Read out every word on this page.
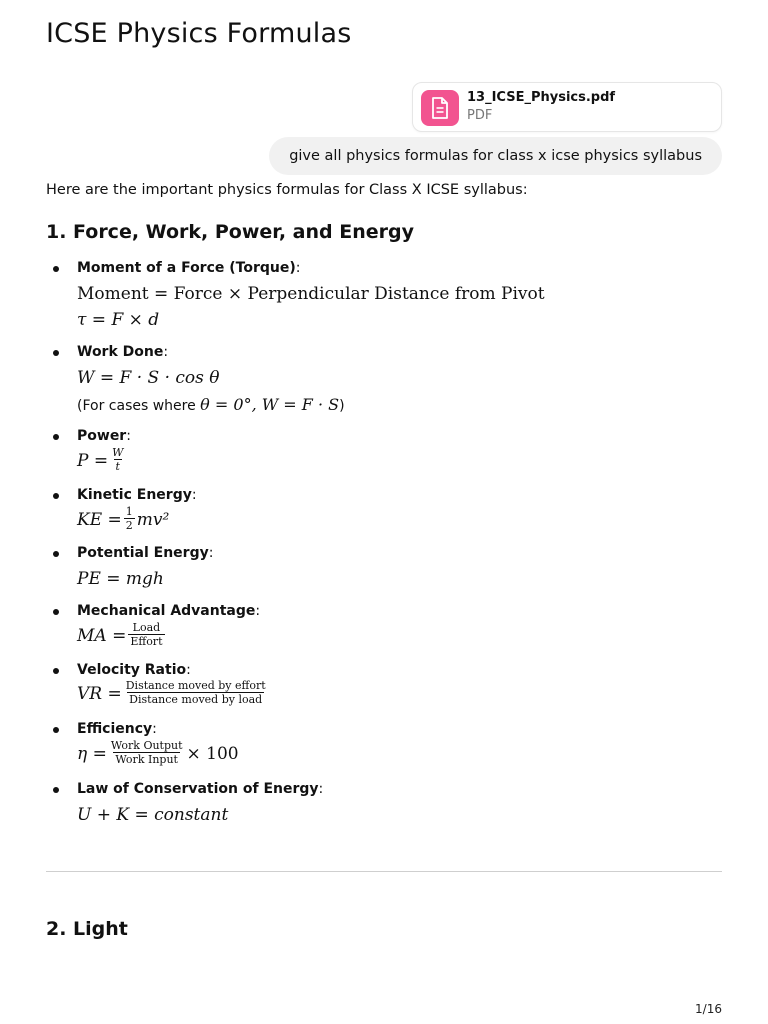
ICSE Physics Formulas
13_ICSE_Physics.pdf
PDF
give all physics formulas for class x icse physics syllabus

Here are the important physics formulas for Class X ICSE syllabus:

1. Force, Work, Power, and Energy
Moment of a Force (Torque):
Moment = Force × Perpendicular Distance from Pivot
τ = F × d
Work Done:
W = F · S · cos θ
(For cases where θ = 0°, W = F · S)
Power:
$P = \frac{W}{t}$
Kinetic Energy:
KE = $\frac{1}{2} mv^2$
Potential Energy:
PE = mgh
Mechanical Advantage:
MA = $\frac{\text{Load}}{\text{Effort}}$
Velocity Ratio:
VR = $\frac{\text{Distance moved by effort}}{\text{Distance moved by load}}$
Efficiency:
$\eta = \frac{\text{Work Output}}{\text{Work Input}} \times 100$
Law of Conservation of Energy:
U + K = constant
2. Light
1/16
